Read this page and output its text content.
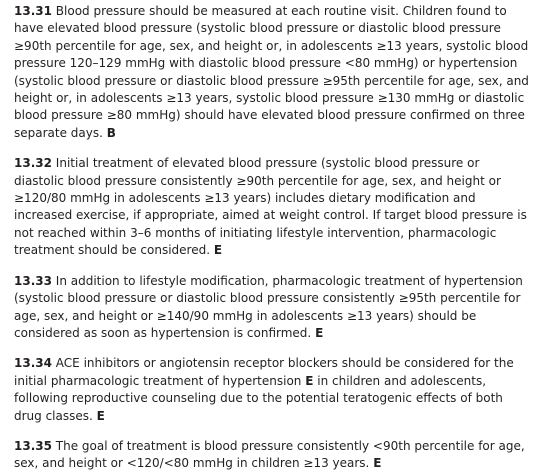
13.31 Blood pressure should be measured at each routine visit. Children found to have elevated blood pressure (systolic blood pressure or diastolic blood pressure ≥90th percentile for age, sex, and height or, in adolescents ≥13 years, systolic blood pressure 120–129 mmHg with diastolic blood pressure <80 mmHg) or hypertension (systolic blood pressure or diastolic blood pressure ≥95th percentile for age, sex, and height or, in adolescents ≥13 years, systolic blood pressure ≥130 mmHg or diastolic blood pressure ≥80 mmHg) should have elevated blood pressure confirmed on three separate days. B

13.32 Initial treatment of elevated blood pressure (systolic blood pressure or diastolic blood pressure consistently ≥90th percentile for age, sex, and height or ≥120/80 mmHg in adolescents ≥13 years) includes dietary modification and increased exercise, if appropriate, aimed at weight control. If target blood pressure is not reached within 3–6 months of initiating lifestyle intervention, pharmacologic treatment should be considered. E

13.33 In addition to lifestyle modification, pharmacologic treatment of hypertension (systolic blood pressure or diastolic blood pressure consistently ≥95th percentile for age, sex, and height or ≥140/90 mmHg in adolescents ≥13 years) should be considered as soon as hypertension is confirmed. E

13.34 ACE inhibitors or angiotensin receptor blockers should be considered for the initial pharmacologic treatment of hypertension E in children and adolescents, following reproductive counseling due to the potential teratogenic effects of both drug classes. E

13.35 The goal of treatment is blood pressure consistently <90th percentile for age, sex, and height or <120/<80 mmHg in children ≥13 years. E
